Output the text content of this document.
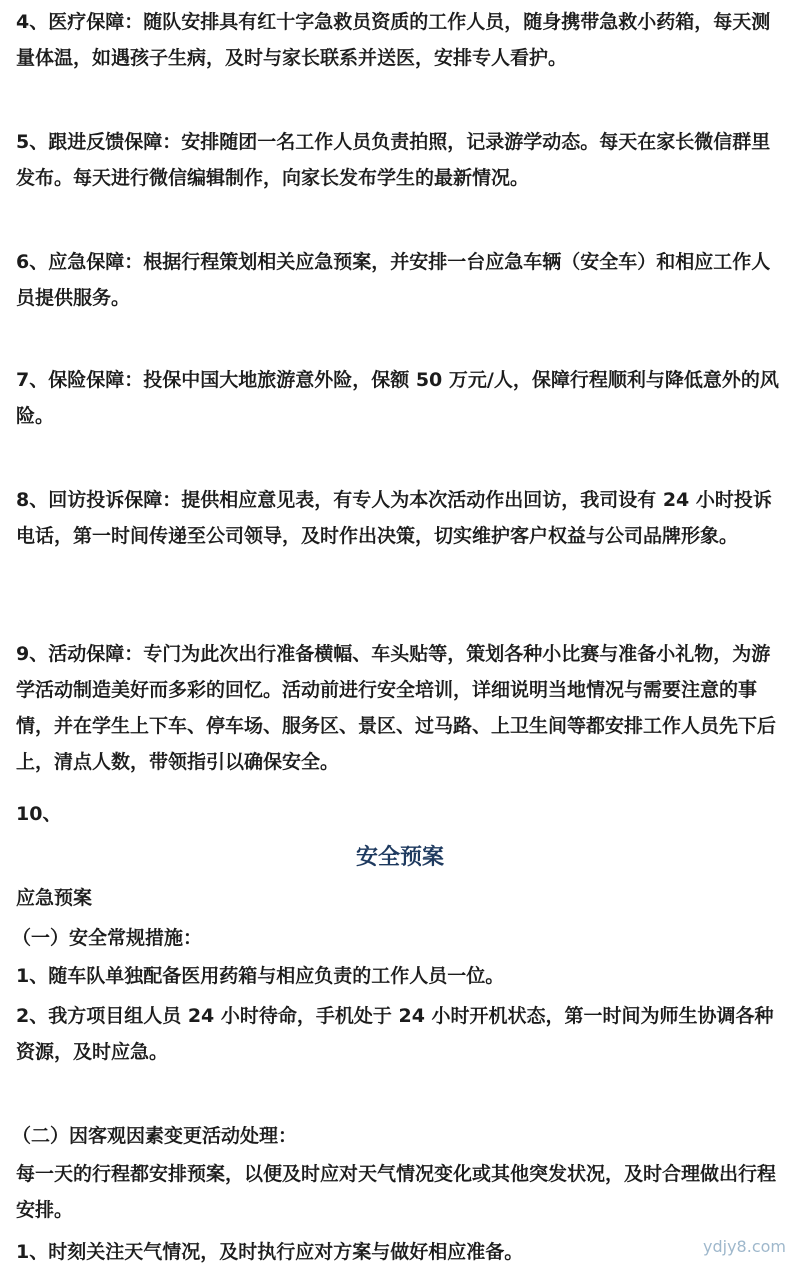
4、医疗保障：随队安排具有红十字急救员资质的工作人员，随身携带急救小药箱，每天测量体温，如遇孩子生病，及时与家长联系并送医，安排专人看护。

5、跟进反馈保障：安排随团一名工作人员负责拍照，记录游学动态。每天在家长微信群里发布。每天进行微信编辑制作，向家长发布学生的最新情况。

6、应急保障：根据行程策划相关应急预案，并安排一台应急车辆（安全车）和相应工作人员提供服务。

7、保险保障：投保中国大地旅游意外险，保额 50 万元/人，保障行程顺利与降低意外的风险。

8、回访投诉保障：提供相应意见表，有专人为本次活动作出回访，我司设有 24 小时投诉电话，第一时间传递至公司领导，及时作出决策，切实维护客户权益与公司品牌形象。

9、活动保障：专门为此次出行准备横幅、车头贴等，策划各种小比赛与准备小礼物，为游学活动制造美好而多彩的回忆。活动前进行安全培训，详细说明当地情况与需要注意的事情，并在学生上下车、停车场、服务区、景区、过马路、上卫生间等都安排工作人员先下后上，清点人数，带领指引以确保安全。

10、

安全预案

应急预案

（一）安全常规措施：

1、随车队单独配备医用药箱与相应负责的工作人员一位。

2、我方项目组人员 24 小时待命，手机处于 24 小时开机状态，第一时间为师生协调各种资源，及时应急。

（二）因客观因素变更活动处理：

每一天的行程都安排预案，以便及时应对天气情况变化或其他突发状况，及时合理做出行程安排。

1、时刻关注天气情况，及时执行应对方案与做好相应准备。	ydjy8.com
